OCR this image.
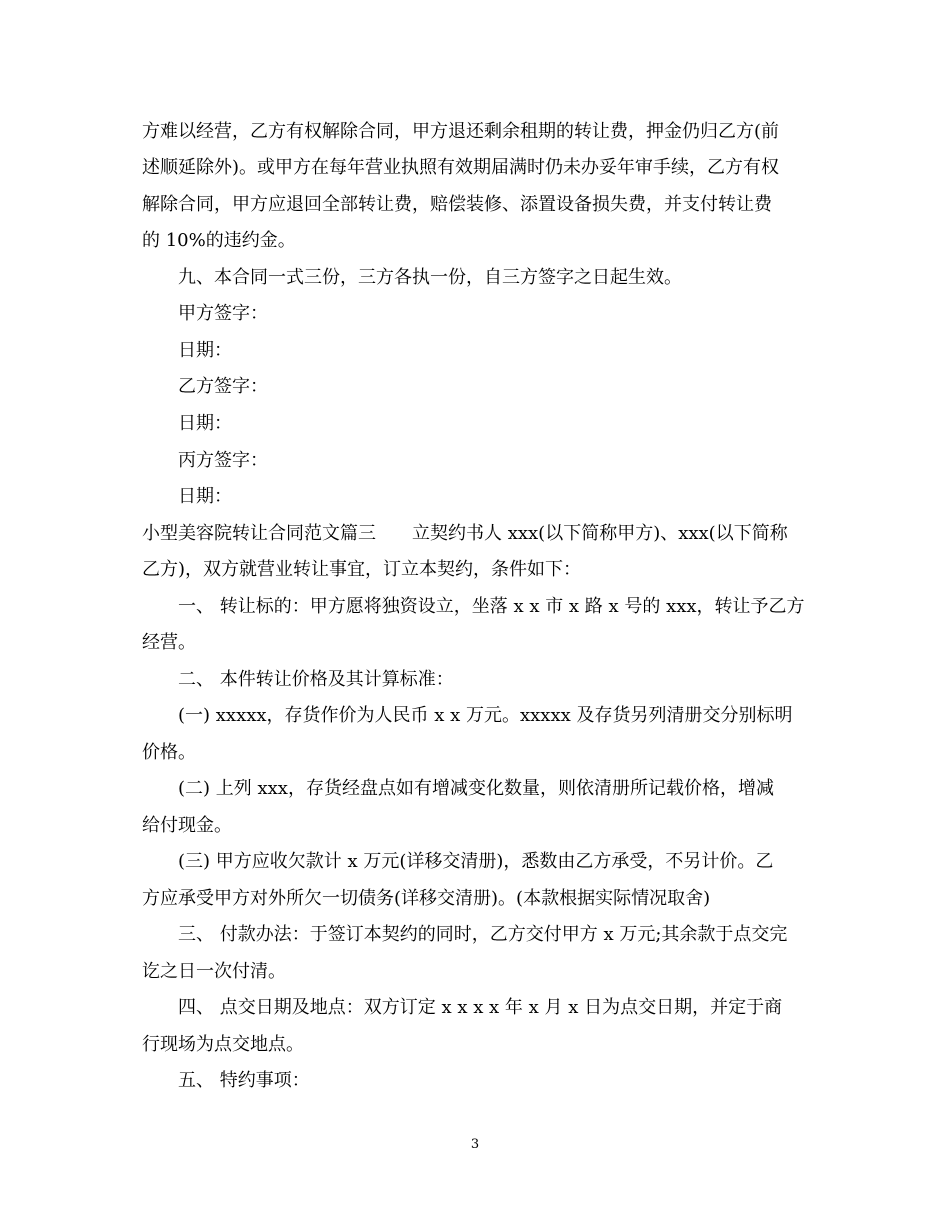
方难以经营，乙方有权解除合同，甲方退还剩余租期的转让费，押金仍归乙方(前
述顺延除外)。或甲方在每年营业执照有效期届满时仍未办妥年审手续，乙方有权
解除合同，甲方应退回全部转让费，赔偿装修、添置设备损失费，并支付转让费
的 10%的违约金。
九、本合同一式三份，三方各执一份，自三方签字之日起生效。
甲方签字：
日期：
乙方签字：
日期：
丙方签字：
日期：
小型美容院转让合同范文篇三　　立契约书人 xxx(以下简称甲方)、xxx(以下简称
乙方)，双方就营业转让事宜，订立本契约，条件如下：
一、 转让标的：甲方愿将独资设立，坐落 x x 市 x 路 x 号的 xxx，转让予乙方
经营。
二、 本件转让价格及其计算标准：
(一) xxxxx，存货作价为人民币 x x 万元。xxxxx 及存货另列清册交分别标明
价格。
(二) 上列 xxx，存货经盘点如有增减变化数量，则依清册所记载价格，增减
给付现金。
(三) 甲方应收欠款计 x 万元(详移交清册)，悉数由乙方承受，不另计价。乙
方应承受甲方对外所欠一切债务(详移交清册)。(本款根据实际情况取舍)
三、 付款办法：于签订本契约的同时，乙方交付甲方 x 万元;其余款于点交完
讫之日一次付清。
四、 点交日期及地点：双方订定 x x x x 年 x 月 x 日为点交日期，并定于商
行现场为点交地点。
五、 特约事项：
3
